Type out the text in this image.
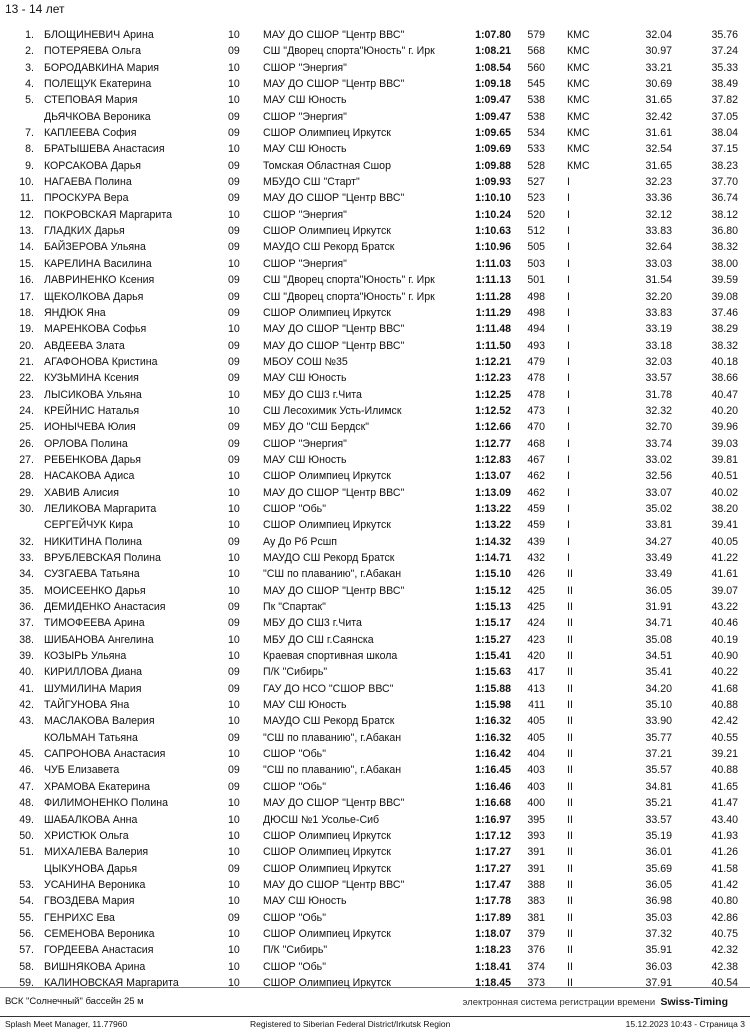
13 - 14 лет
1. БЛОЩИНЕВИЧ Арина	10 МАУ ДО СШОР "Центр ВВС"	1:07.80	579 КМС	32.04	35.76
2. ПОТЕРЯЕВА Ольга	09 СШ "Дворец спорта"Юность" г. Ирк	1:08.21	568 КМС	30.97	37.24
3. БОРОДАВКИНА Мария	10 СШОР "Энергия"	1:08.54	560 КМС	33.21	35.33
4. ПОЛЕЩУК Екатерина	10 МАУ ДО СШОР "Центр ВВС"	1:09.18	545 КМС	30.69	38.49
5. СТЕПОВАЯ Мария	10 МАУ СШ Юность	1:09.47	538 КМС	31.65	37.82
ДЬЯЧКОВА Вероника	09 СШОР "Энергия"	1:09.47	538 КМС	32.42	37.05
7. КАПЛЕЕВА София	09 СШОР Олимпиец Иркутск	1:09.65	534 КМС	31.61	38.04
8. БРАТЫШЕВА Анастасия	10 МАУ СШ Юность	1:09.69	533 КМС	32.54	37.15
9. КОРСАКОВА Дарья	09 Томская Областная Сшор	1:09.88	528 КМС	31.65	38.23
10. НАГАЕВА Полина	09 МБУДО СШ "Старт"	1:09.93	527 I	32.23	37.70
11. ПРОСКУРА Вера	09 МАУ ДО СШОР "Центр ВВС"	1:10.10	523 I	33.36	36.74
12. ПОКРОВСКАЯ Маргарита	10 СШОР "Энергия"	1:10.24	520 I	32.12	38.12
13. ГЛАДКИХ Дарья	09 СШОР Олимпиец Иркутск	1:10.63	512 I	33.83	36.80
14. БАЙЗЕРОВА Ульяна	09 МАУДО СШ Рекорд Братск	1:10.96	505 I	32.64	38.32
15. КАРЕЛИНА Василина	10 СШОР "Энергия"	1:11.03	503 I	33.03	38.00
16. ЛАВРИНЕНКО Ксения	09 СШ "Дворец спорта"Юность" г. Ирк	1:11.13	501 I	31.54	39.59
17. ЩЕКОЛКОВА Дарья	09 СШ "Дворец спорта"Юность" г. Ирк	1:11.28	498 I	32.20	39.08
18. ЯНДЮК Яна	09 СШОР Олимпиец Иркутск	1:11.29	498 I	33.83	37.46
19. МАРЕНКОВА Софья	10 МАУ ДО СШОР "Центр ВВС"	1:11.48	494 I	33.19	38.29
20. АВДЕЕВА Злата	09 МАУ ДО СШОР "Центр ВВС"	1:11.50	493 I	33.18	38.32
21. АГАФОНОВА Кристина	09 МБОУ СОШ №35	1:12.21	479 I	32.03	40.18
22. КУЗЬМИНА Ксения	09 МАУ СШ Юность	1:12.23	478 I	33.57	38.66
23. ЛЫСИКОВА Ульяна	10 МБУ ДО СШ3 г.Чита	1:12.25	478 I	31.78	40.47
24. КРЕЙНИС Наталья	10 СШ Лесохимик Усть-Илимск	1:12.52	473 I	32.32	40.20
25. ИОНЫЧЕВА Юлия	09 МБУ ДО "СШ Бердск"	1:12.66	470 I	32.70	39.96
26. ОРЛОВА Полина	09 СШОР "Энергия"	1:12.77	468 I	33.74	39.03
27. РЕБЕНКОВА Дарья	09 МАУ СШ Юность	1:12.83	467 I	33.02	39.81
28. НАСАКОВА Адиса	10 СШОР Олимпиец Иркутск	1:13.07	462 I	32.56	40.51
29. ХАВИВ Алисия	10 МАУ ДО СШОР "Центр ВВС"	1:13.09	462 I	33.07	40.02
30. ЛЕЛИКОВА Маргарита	10 СШОР "Обь"	1:13.22	459 I	35.02	38.20
СЕРГЕЙЧУК Кира	10 СШОР Олимпиец Иркутск	1:13.22	459 I	33.81	39.41
32. НИКИТИНА Полина	09 Ау До Рб Рсшп	1:14.32	439 I	34.27	40.05
33. ВРУБЛЕВСКАЯ Полина	10 МАУДО СШ Рекорд Братск	1:14.71	432 I	33.49	41.22
34. СУЗГАЕВА Татьяна	10 "СШ по плаванию", г.Абакан	1:15.10	426 II	33.49	41.61
35. МОИСЕЕНКО Дарья	10 МАУ ДО СШОР "Центр ВВС"	1:15.12	425 II	36.05	39.07
36. ДЕМИДЕНКО Анастасия	09 Пк "Спартак"	1:15.13	425 II	31.91	43.22
37. ТИМОФЕЕВА Арина	09 МБУ ДО СШ3 г.Чита	1:15.17	424 II	34.71	40.46
38. ШИБАНОВА Ангелина	10 МБУ ДО СШ г.Саянска	1:15.27	423 II	35.08	40.19
39. КОЗЫРЬ Ульяна	10 Краевая спортивная школа	1:15.41	420 II	34.51	40.90
40. КИРИЛЛОВА Диана	09 П/К "Сибирь"	1:15.63	417 II	35.41	40.22
41. ШУМИЛИНА Мария	09 ГАУ ДО НСО "СШОР ВВС"	1:15.88	413 II	34.20	41.68
42. ТАЙГУНОВА Яна	10 МАУ СШ Юность	1:15.98	411 II	35.10	40.88
43. МАСЛАКОВА Валерия	10 МАУДО СШ Рекорд Братск	1:16.32	405 II	33.90	42.42
КОЛЬМАН Татьяна	09 "СШ по плаванию", г.Абакан	1:16.32	405 II	35.77	40.55
45. САПРОНОВА Анастасия	10 СШОР "Обь"	1:16.42	404 II	37.21	39.21
46. ЧУБ Елизавета	09 "СШ по плаванию", г.Абакан	1:16.45	403 II	35.57	40.88
47. ХРАМОВА Екатерина	09 СШОР "Обь"	1:16.46	403 II	34.81	41.65
48. ФИЛИМОНЕНКО Полина	10 МАУ ДО СШОР "Центр ВВС"	1:16.68	400 II	35.21	41.47
49. ШАБАЛКОВА Анна	10 ДЮСШ №1 Усолье-Сиб	1:16.97	395 II	33.57	43.40
50. ХРИСТЮК Ольга	10 СШОР Олимпиец Иркутск	1:17.12	393 II	35.19	41.93
51. МИХАЛЕВА Валерия	10 СШОР Олимпиец Иркутск	1:17.27	391 II	36.01	41.26
ЦЫКУНОВА Дарья	09 СШОР Олимпиец Иркутск	1:17.27	391 II	35.69	41.58
53. УСАНИНА Вероника	10 МАУ ДО СШОР "Центр ВВС"	1:17.47	388 II	36.05	41.42
54. ГВОЗДЕВА Мария	10 МАУ СШ Юность	1:17.78	383 II	36.98	40.80
55. ГЕНРИХС Ева	09 СШОР "Обь"	1:17.89	381 II	35.03	42.86
56. СЕМЕНОВА Вероника	10 СШОР Олимпиец Иркутск	1:18.07	379 II	37.32	40.75
57. ГОРДЕЕВА Анастасия	10 П/К "Сибирь"	1:18.23	376 II	35.91	42.32
58. ВИШНЯКОВА Арина	10 СШОР "Обь"	1:18.41	374 II	36.03	42.38
59. КАЛИНОВСКАЯ Маргарита	10 СШОР Олимпиец Иркутск	1:18.45	373 II	37.91	40.54
ВСК "Солнечный" бассейн 25 м	электронная система регистрации времени Swiss-Timing
Splash Meet Manager, 11.77960	Registered to Siberian Federal District/Irkutsk Region	15.12.2023 10:43 - Страница 3
